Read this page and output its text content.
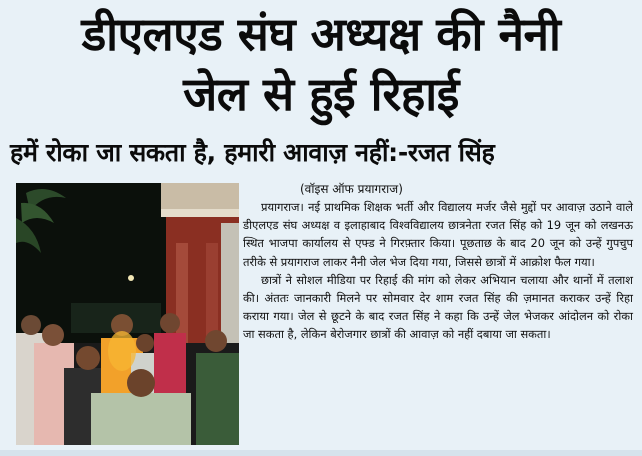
डीएलएड संघ अध्यक्ष की नैनी
जेल से हुई रिहाई
हमें रोका जा सकता है, हमारी आवाज़ नहीं:-रजत सिंह
(वॉइस ऑफ प्रयागराज)

प्रयागराज। नई प्राथमिक शिक्षक भर्ती और विद्यालय मर्जर जैसे मुद्दों पर आवाज़ उठाने वाले डीएलएड संघ अध्यक्ष व इलाहाबाद विश्वविद्यालय छात्रनेता रजत सिंह को 19 जून को लखनऊ स्थित भाजपा कार्यालय से एफ्ड ने गिरफ़्तार किया। पूछताछ के बाद 20 जून को उन्हें गुपचुप तरीके से प्रयागराज लाकर नैनी जेल भेज दिया गया, जिससे छात्रों में आक्रोश फैल गया।

छात्रों ने सोशल मीडिया पर रिहाई की मांग को लेकर अभियान चलाया और थानों में तलाश की। अंततः जानकारी मिलने पर सोमवार देर शाम रजत सिंह की ज़मानत कराकर उन्हें रिहा कराया गया। जेल से छूटने के बाद रजत सिंह ने कहा कि उन्हें जेल भेजकर आंदोलन को रोका जा सकता है, लेकिन बेरोजगार छात्रों की आवाज़ को नहीं दबाया जा सकता।
